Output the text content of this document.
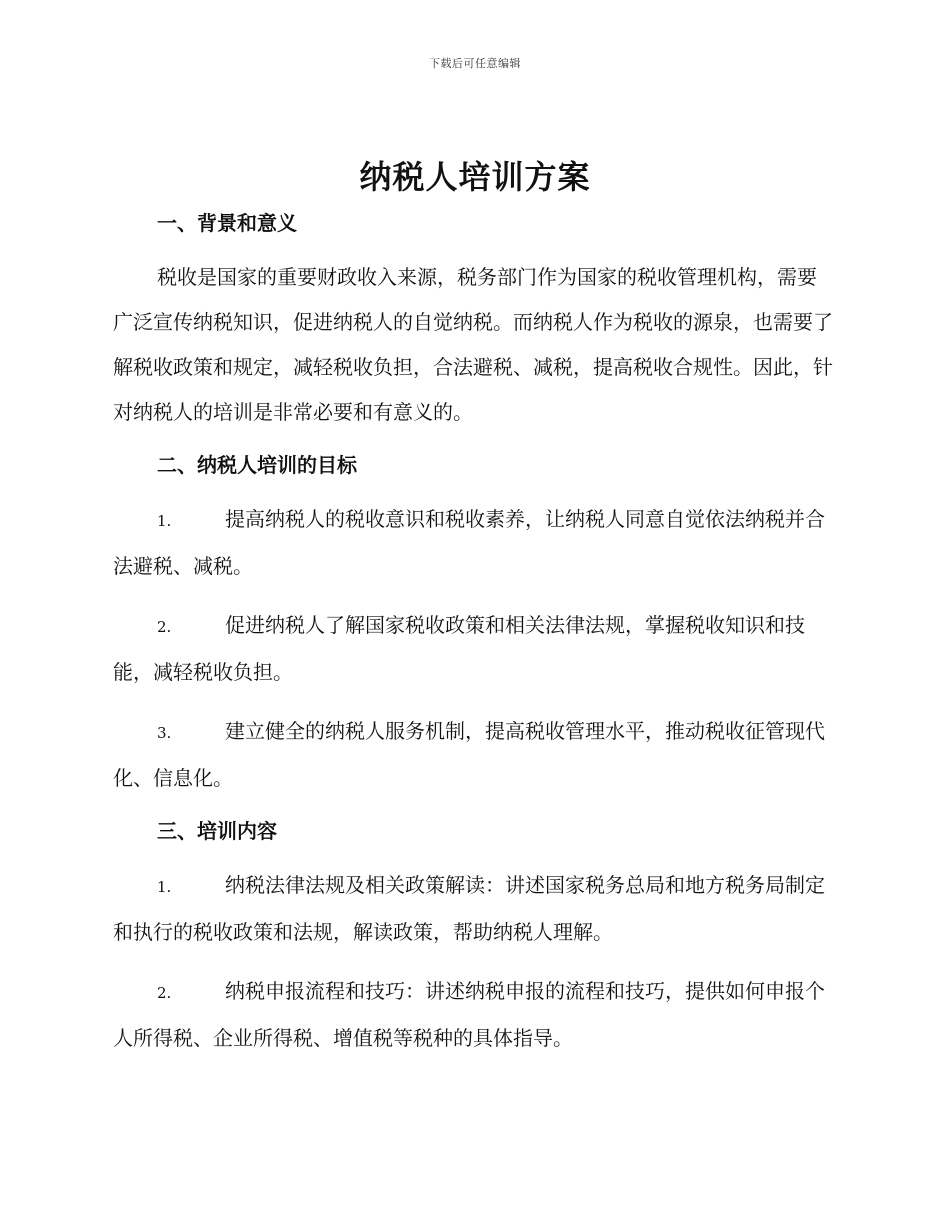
下载后可任意编辑
纳税人培训方案
一、背景和意义

税收是国家的重要财政收入来源，税务部门作为国家的税收管理机构，需要广泛宣传纳税知识，促进纳税人的自觉纳税。而纳税人作为税收的源泉，也需要了解税收政策和规定，减轻税收负担，合法避税、减税，提高税收合规性。因此，针对纳税人的培训是非常必要和有意义的。

二、纳税人培训的目标

1.	提高纳税人的税收意识和税收素养，让纳税人同意自觉依法纳税并合法避税、减税。

2.	促进纳税人了解国家税收政策和相关法律法规，掌握税收知识和技能，减轻税收负担。

3.	建立健全的纳税人服务机制，提高税收管理水平，推动税收征管现代化、信息化。

三、培训内容

1.	纳税法律法规及相关政策解读：讲述国家税务总局和地方税务局制定和执行的税收政策和法规，解读政策，帮助纳税人理解。

2.	纳税申报流程和技巧：讲述纳税申报的流程和技巧，提供如何申报个人所得税、企业所得税、增值税等税种的具体指导。
